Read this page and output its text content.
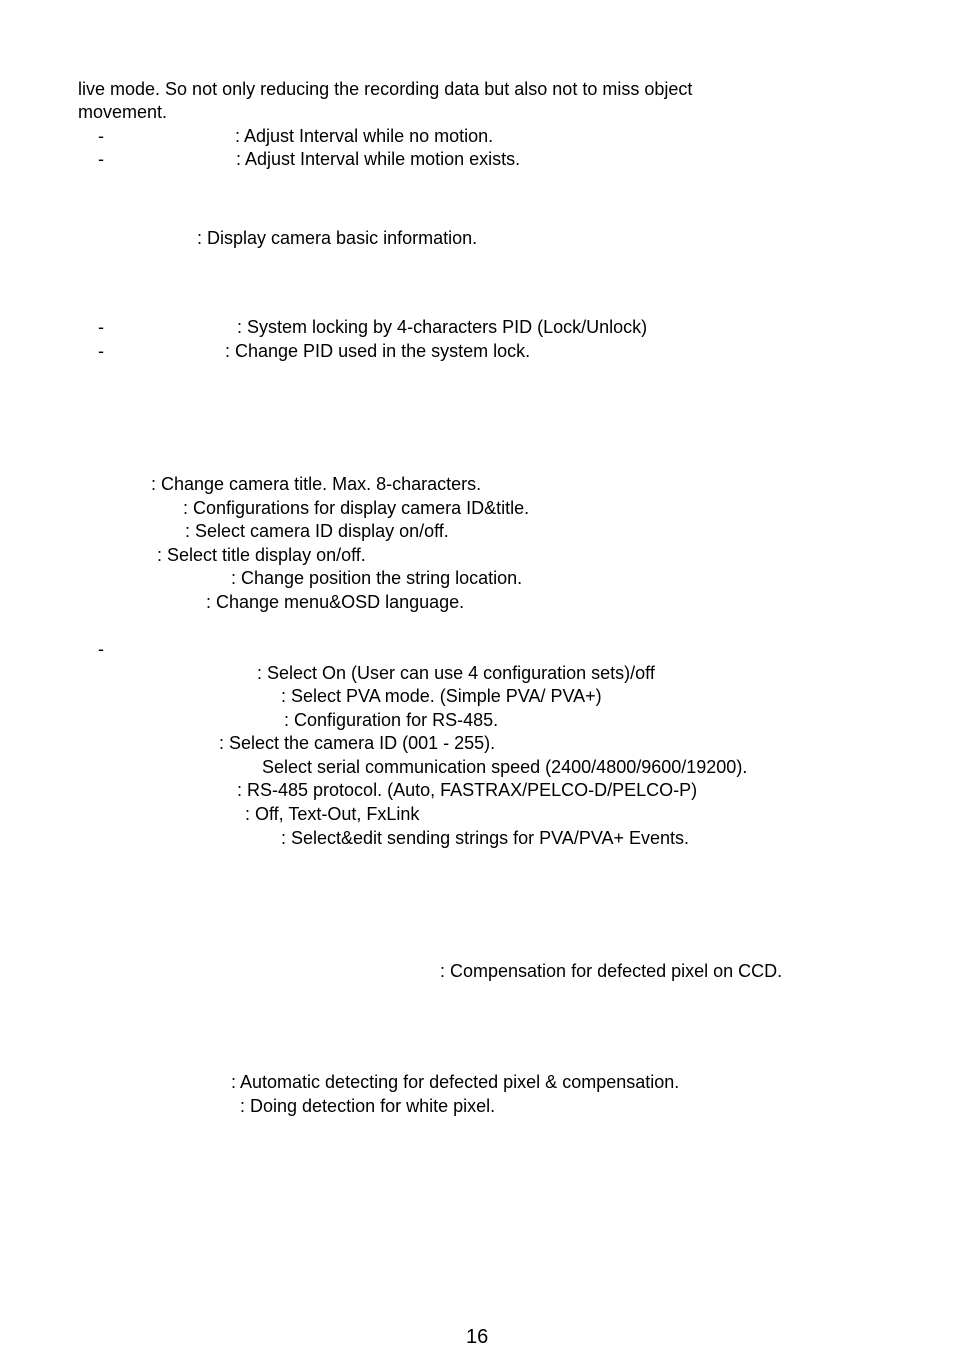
live mode. So not only reducing the recording data but also not to miss object
movement.
-	: Adjust Interval while no motion.
-	: Adjust Interval while motion exists.
: Display camera basic information.
-	: System locking by 4-characters PID (Lock/Unlock)
-	: Change PID used in the system lock.
: Change camera title. Max. 8-characters.
: Configurations for display camera ID&title.
: Select camera ID display on/off.
: Select title display on/off.
: Change position the string location.
: Change menu&OSD language.
-
: Select On (User can use 4 configuration sets)/off
: Select PVA mode. (Simple PVA/ PVA+)
: Configuration for RS-485.
: Select the camera ID (001 - 255).
Select serial communication speed (2400/4800/9600/19200).
: RS-485 protocol. (Auto, FASTRAX/PELCO-D/PELCO-P)
: Off, Text-Out, FxLink
: Select&edit sending strings for PVA/PVA+ Events.
: Compensation for defected pixel on CCD.
: Automatic detecting for defected pixel & compensation.
: Doing detection for white pixel.
16
